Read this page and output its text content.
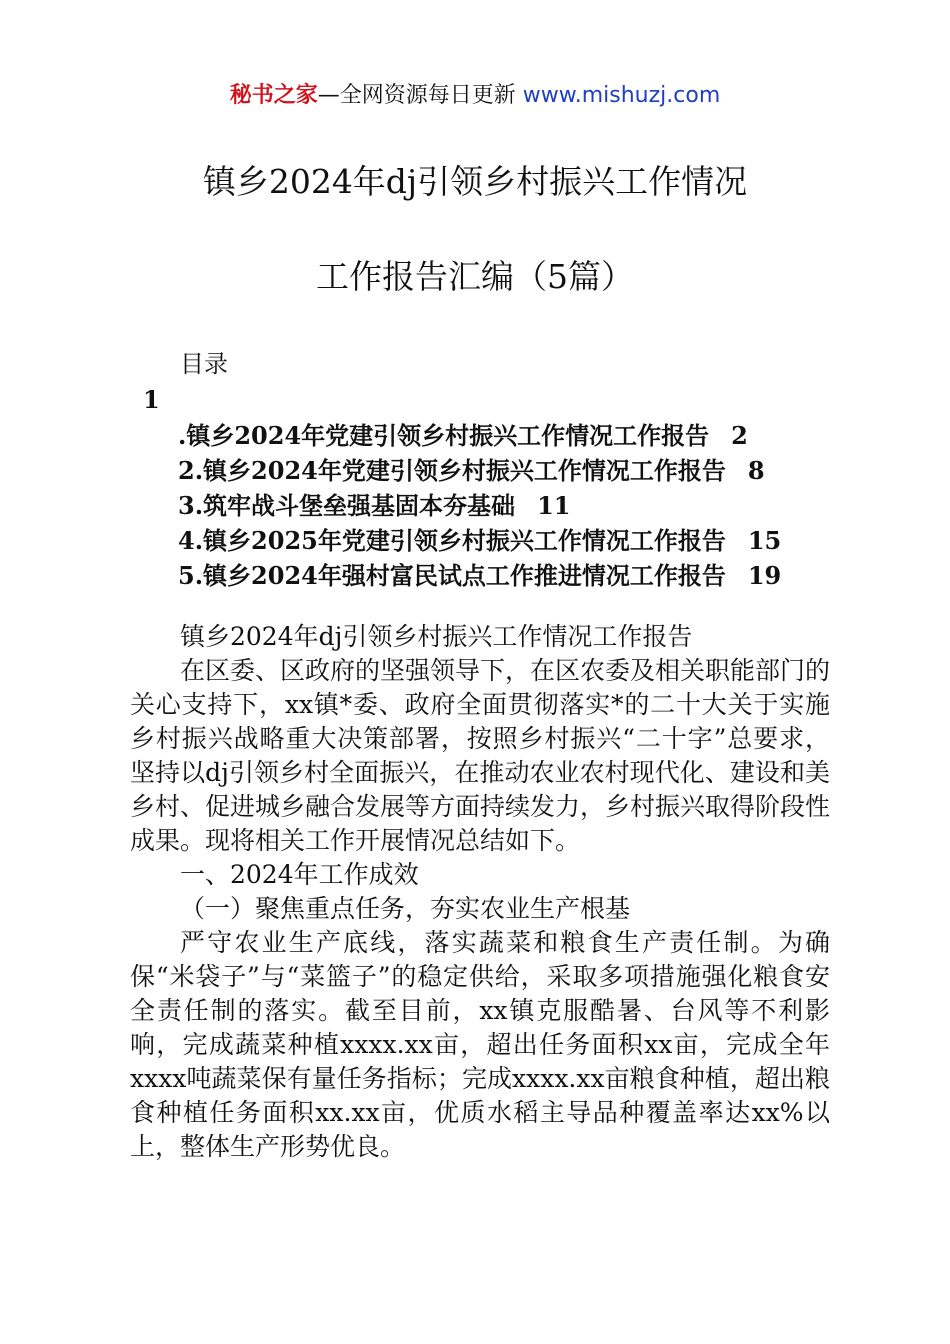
秘书之家—全网资源每日更新 www.mishuzj.com
镇乡2024年dj引领乡村振兴工作情况
工作报告汇编（5篇）
目录
1
.镇乡2024年党建引领乡村振兴工作情况工作报告 2
2.镇乡2024年党建引领乡村振兴工作情况工作报告 8
3.筑牢战斗堡垒强基固本夯基础 11
4.镇乡2025年党建引领乡村振兴工作情况工作报告 15
5.镇乡2024年强村富民试点工作推进情况工作报告 19

镇乡2024年dj引领乡村振兴工作情况工作报告

在区委、区政府的坚强领导下，在区农委及相关职能部门的关心支持下，xx镇*委、政府全面贯彻落实*的二十大关于实施乡村振兴战略重大决策部署，按照乡村振兴“二十字”总要求，坚持以dj引领乡村全面振兴，在推动农业农村现代化、建设和美乡村、促进城乡融合发展等方面持续发力，乡村振兴取得阶段性成果。现将相关工作开展情况总结如下。

一、2024年工作成效

（一）聚焦重点任务，夯实农业生产根基

严守农业生产底线，落实蔬菜和粮食生产责任制。为确保“米袋子”与“菜篮子”的稳定供给，采取多项措施强化粮食安全责任制的落实。截至目前，xx镇克服酷暑、台风等不利影响，完成蔬菜种植xxxx.xx亩，超出任务面积xx亩，完成全年xxxx吨蔬菜保有量任务指标；完成xxxx.xx亩粮食种植，超出粮食种植任务面积xx.xx亩，优质水稻主导品种覆盖率达xx%以上，整体生产形势优良。
